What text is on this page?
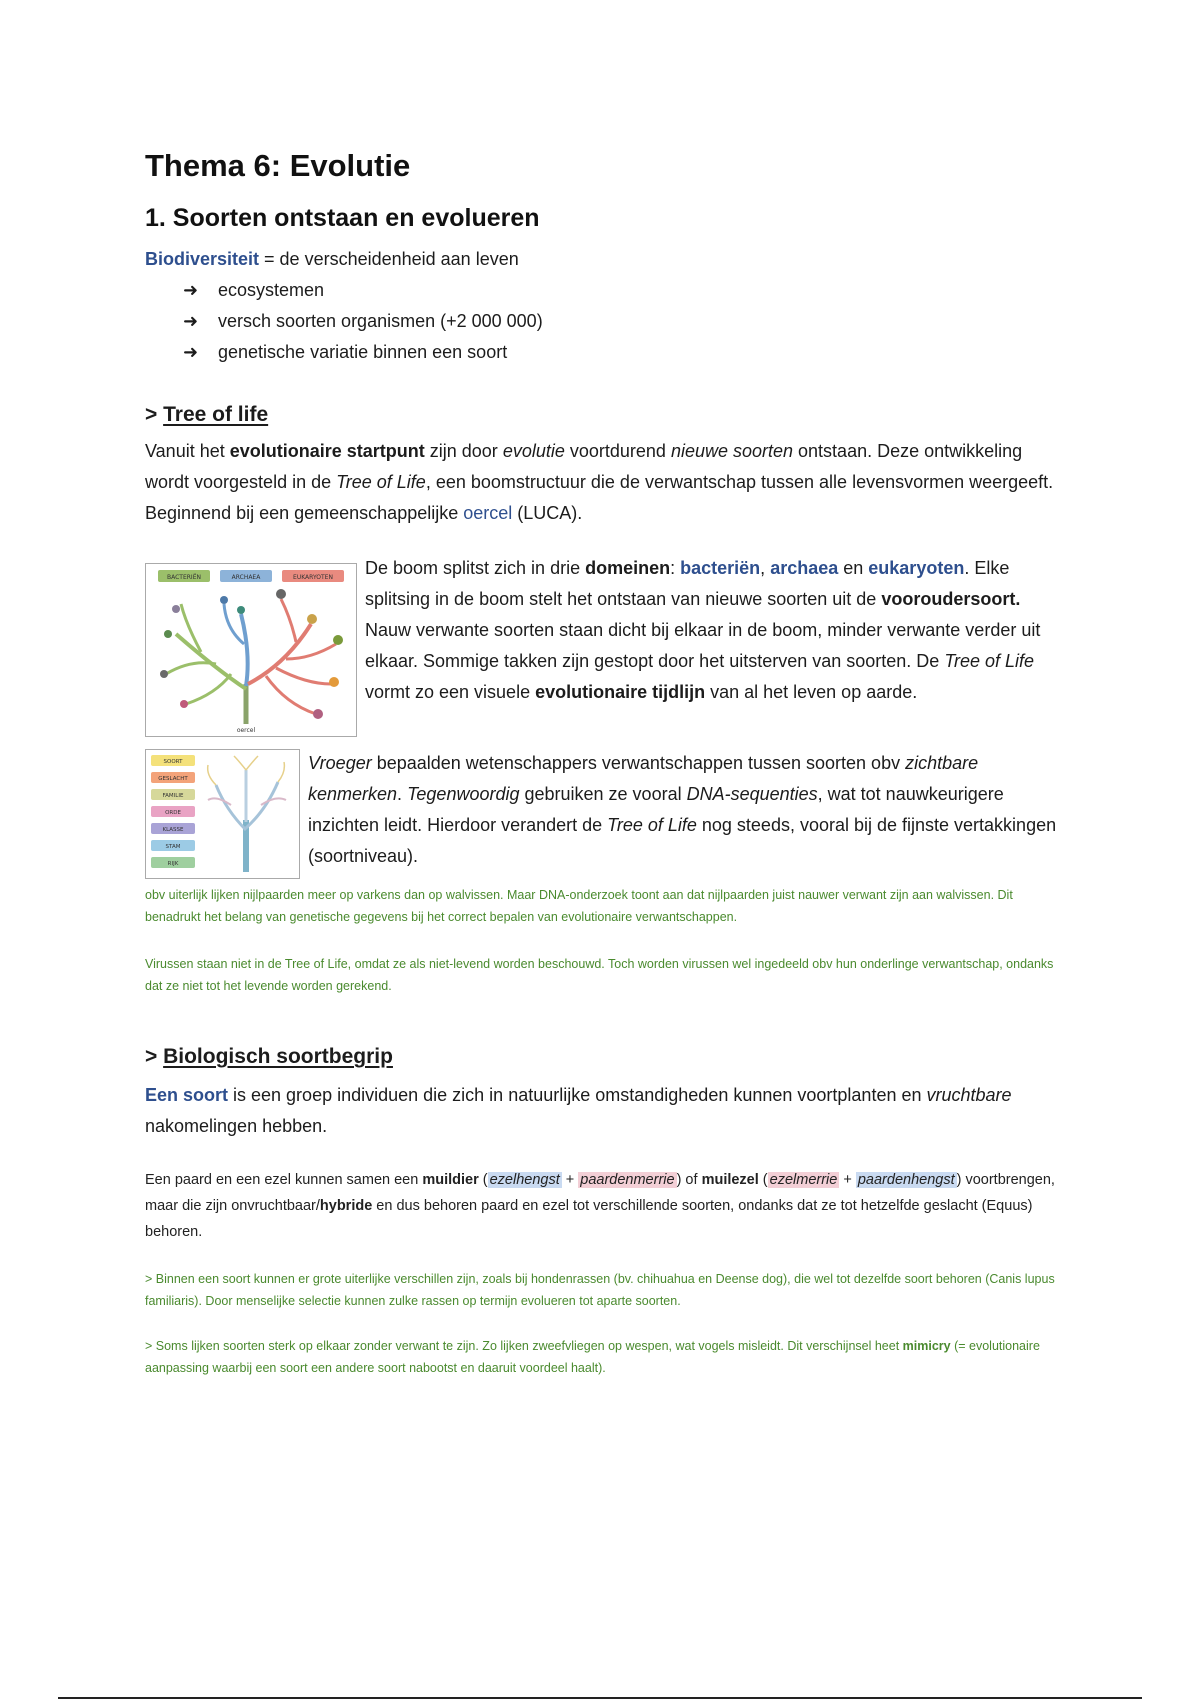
Thema 6: Evolutie
1. Soorten ontstaan en evolueren

Biodiversiteit = de verscheidenheid aan leven

➜ ecosystemen
➜ versch soorten organismen (+2 000 000)
➜ genetische variatie binnen een soort

> Tree of life

Vanuit het evolutionaire startpunt zijn door evolutie voortdurend nieuwe soorten ontstaan. Deze ontwikkeling wordt voorgesteld in de Tree of Life, een boomstructuur die de verwantschap tussen alle levensvormen weergeeft. Beginnend bij een gemeenschappelijke oercel (LUCA).

BACTERIËN	ARCHAEA	EUKARYOTEN
oercel

De boom splitst zich in drie domeinen: bacteriën, archaea en eukaryoten. Elke splitsing in de boom stelt het ontstaan van nieuwe soorten uit de vooroudersoort. Nauw verwante soorten staan dicht bij elkaar in de boom, minder verwante verder uit elkaar. Sommige takken zijn gestopt door het uitsterven van soorten. De Tree of Life vormt zo een visuele evolutionaire tijdlijn van al het leven op aarde.

SOORT
GESLACHT
FAMILIE
ORDE
KLASSE
STAM
RIJK

Vroeger bepaalden wetenschappers verwantschappen tussen soorten obv zichtbare kenmerken. Tegenwoordig gebruiken ze vooral DNA-sequenties, wat tot nauwkeurigere inzichten leidt. Hierdoor verandert de Tree of Life nog steeds, vooral bij de fijnste vertakkingen (soortniveau).

obv uiterlijk lijken nijlpaarden meer op varkens dan op walvissen. Maar DNA-onderzoek toont aan dat nijlpaarden juist nauwer verwant zijn aan walvissen. Dit benadrukt het belang van genetische gegevens bij het correct bepalen van evolutionaire verwantschappen.

Virussen staan niet in de Tree of Life, omdat ze als niet-levend worden beschouwd. Toch worden virussen wel ingedeeld obv hun onderlinge verwantschap, ondanks dat ze niet tot het levende worden gerekend.

> Biologisch soortbegrip

Een soort is een groep individuen die zich in natuurlijke omstandigheden kunnen voortplanten en vruchtbare nakomelingen hebben.

Een paard en een ezel kunnen samen een muildier ( ezelhengst + paardenmerrie ) of muilezel ( ezelmerrie + paardenhengst ) voortbrengen, maar die zijn onvruchtbaar/hybride en dus behoren paard en ezel tot verschillende soorten, ondanks dat ze tot hetzelfde geslacht (Equus) behoren.

> Binnen een soort kunnen er grote uiterlijke verschillen zijn, zoals bij hondenrassen (bv. chihuahua en Deense dog), die wel tot dezelfde soort behoren (Canis lupus familiaris). Door menselijke selectie kunnen zulke rassen op termijn evolueren tot aparte soorten.

> Soms lijken soorten sterk op elkaar zonder verwant te zijn. Zo lijken zweefvliegen op wespen, wat vogels misleidt. Dit verschijnsel heet mimicry (= evolutionaire aanpassing waarbij een soort een andere soort nabootst en daaruit voordeel haalt).
